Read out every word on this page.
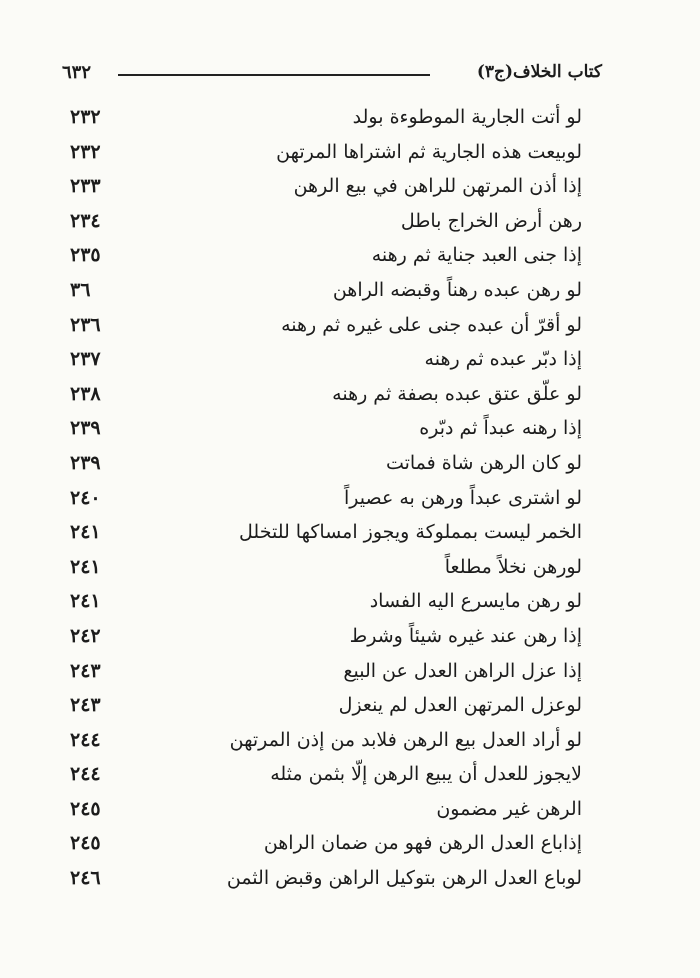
٦٣٢	كتاب الخلاف(ج٣)
لو أتت الجارية الموطوءة بولد
٢٣٢
لوبيعت هذه الجارية ثم اشتراها المرتهن
٢٣٢
إذا أذن المرتهن للراهن في بيع الرهن
٢٣٣
رهن أرض الخراج باطل
٢٣٤
إذا جنى العبد جناية ثم رهنه
٢٣٥
لو رهن عبده رهناً وقبضه الراهن
٣٦
لو أقرّ أن عبده جنى على غيره ثم رهنه
٢٣٦
إذا دبّر عبده ثم رهنه
٢٣٧
لو علّق عتق عبده بصفة ثم رهنه
٢٣٨
إذا رهنه عبداً ثم دبّره
٢٣٩
لو كان الرهن شاة فماتت
٢٣٩
لو اشترى عبداً ورهن به عصيراً
٢٤٠
الخمر ليست بمملوكة ويجوز امساكها للتخلل
٢٤١
لورهن نخلاً مطلعاً
٢٤١
لو رهن مايسرع اليه الفساد
٢٤١
إذا رهن عند غيره شيئاً وشرط
٢٤٢
إذا عزل الراهن العدل عن البيع
٢٤٣
لوعزل المرتهن العدل لم ينعزل
٢٤٣
لو أراد العدل بيع الرهن فلابد من إذن المرتهن
٢٤٤
لايجوز للعدل أن يبيع الرهن إلّا بثمن مثله
٢٤٤
الرهن غير مضمون
٢٤٥
إذاباع العدل الرهن فهو من ضمان الراهن
٢٤٥
لوباع العدل الرهن بتوكيل الراهن وقبض الثمن
٢٤٦
